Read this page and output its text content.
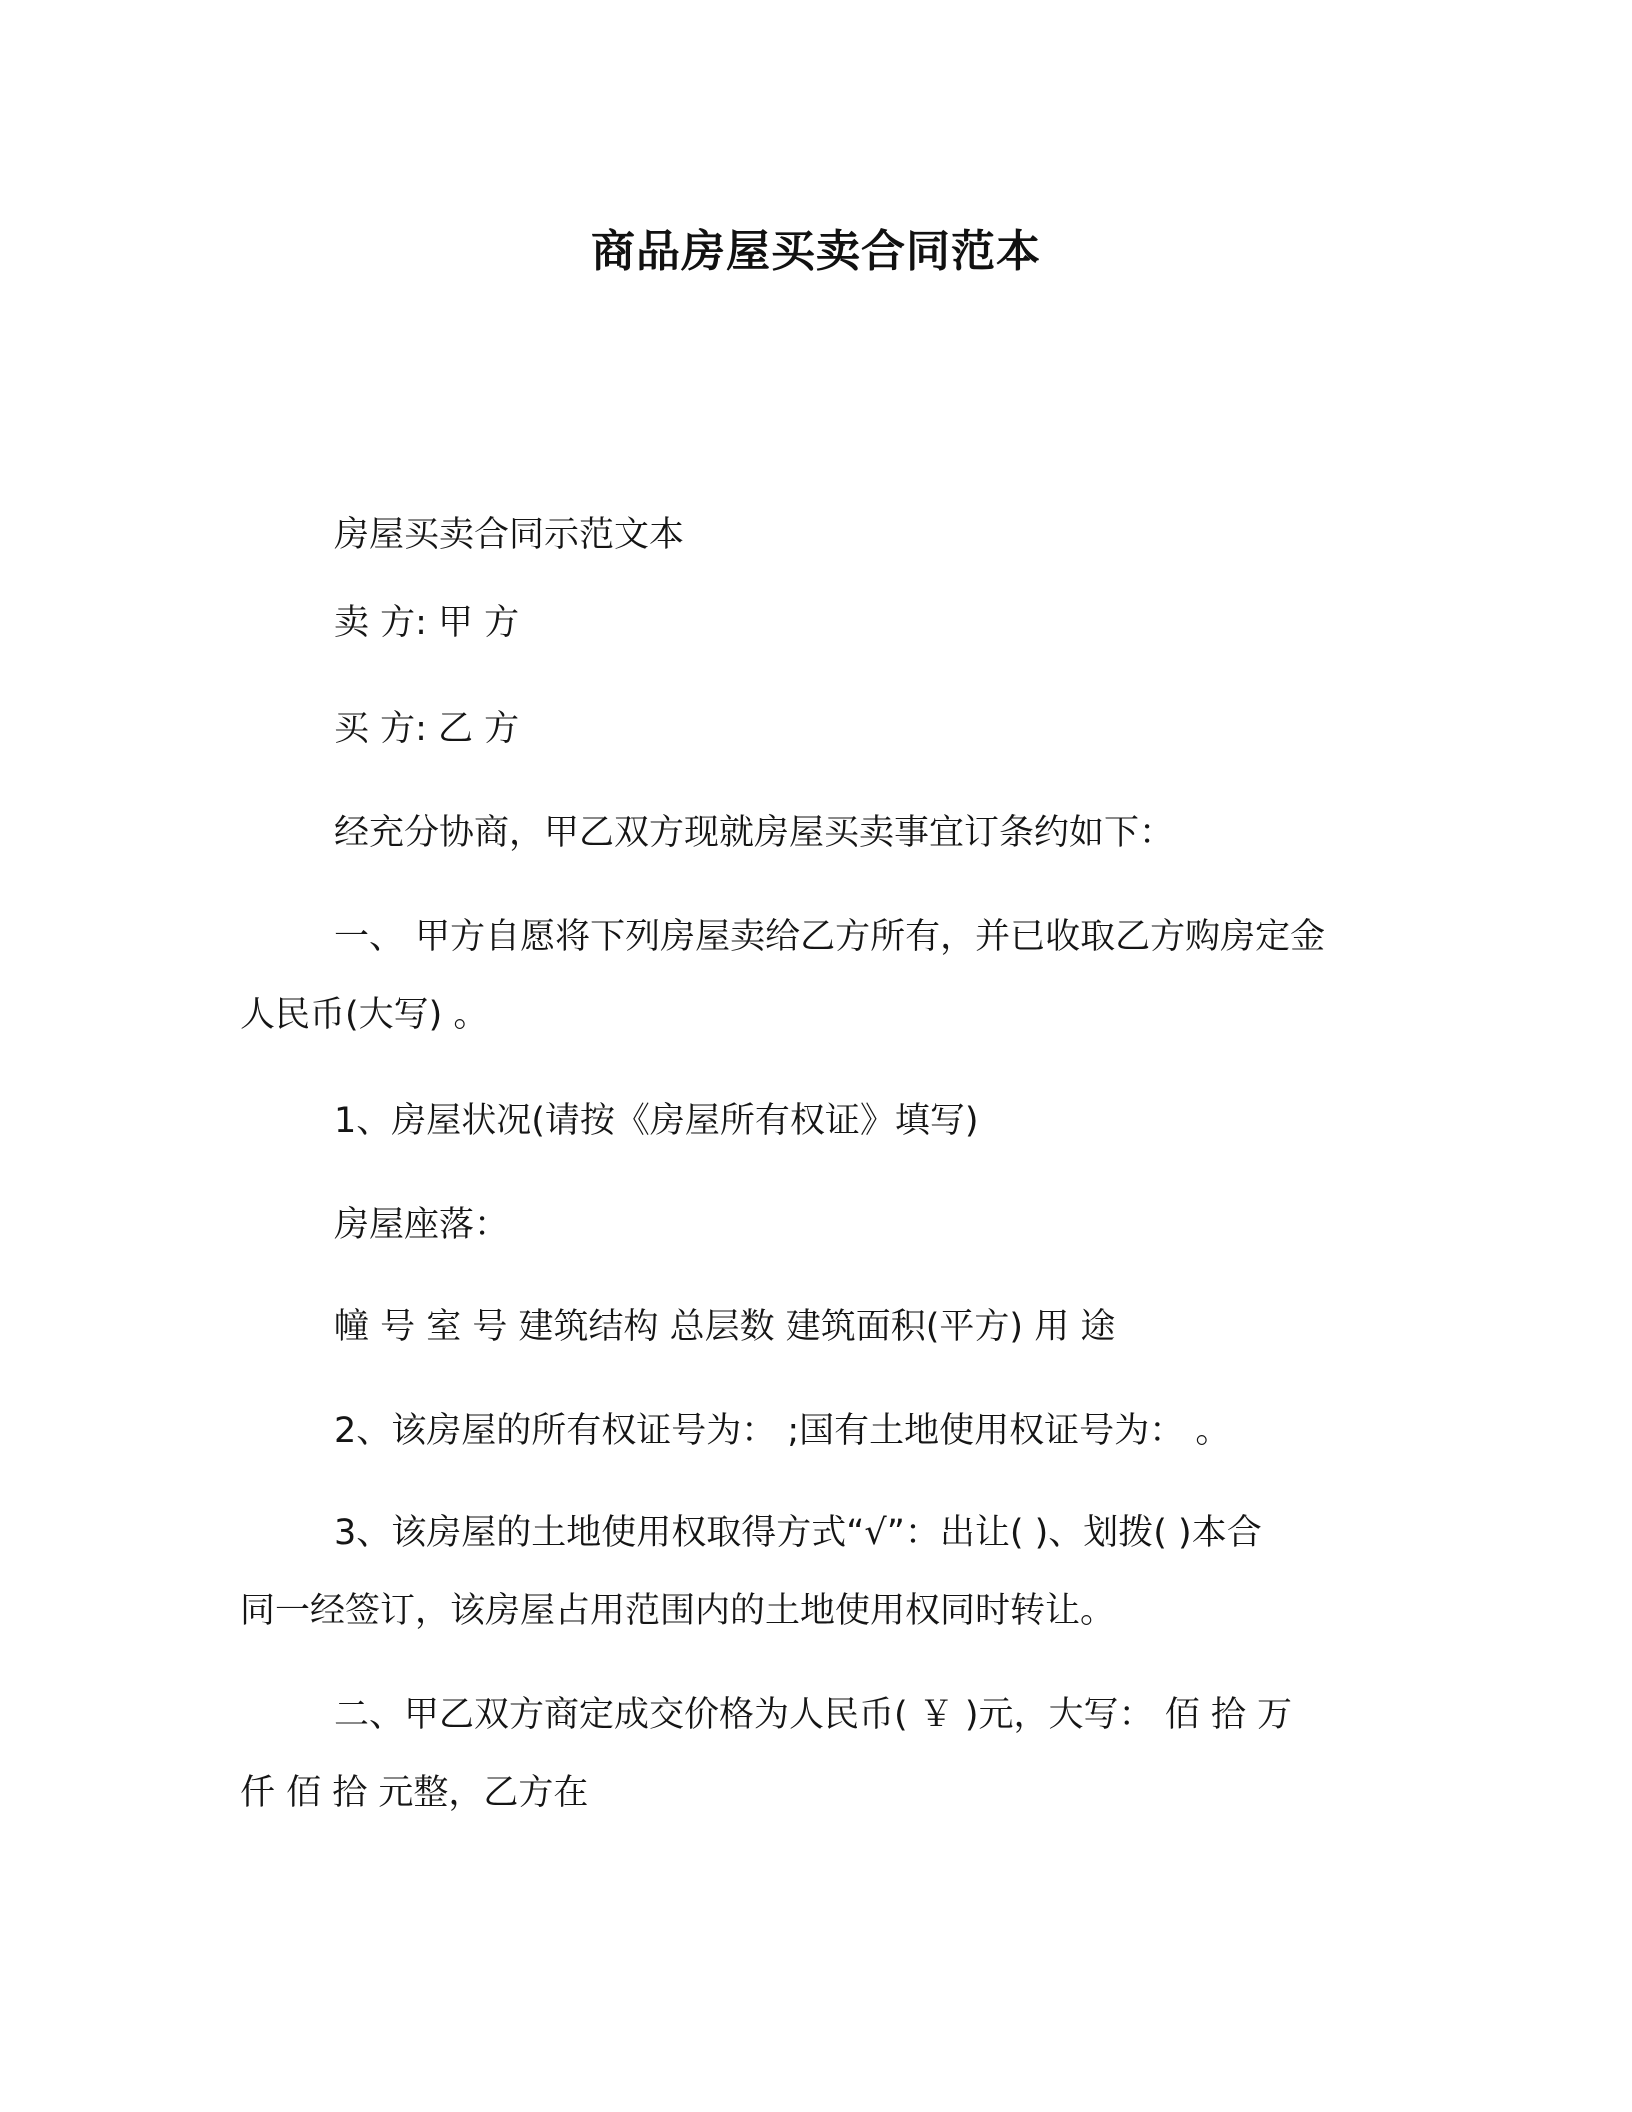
商品房屋买卖合同范本
房屋买卖合同示范文本
卖 方: 甲 方
买 方: 乙 方
经充分协商，甲乙双方现就房屋买卖事宜订条约如下：
一、 甲方自愿将下列房屋卖给乙方所有，并已收取乙方购房定金
人民币(大写) 。
1、房屋状况(请按《房屋所有权证》填写)
房屋座落：
幢 号 室 号 建筑结构 总层数 建筑面积(平方) 用 途
2、该房屋的所有权证号为： ;国有土地使用权证号为： 。
3、该房屋的土地使用权取得方式“√”：出让( )、划拨( )本合
同一经签订，该房屋占用范围内的土地使用权同时转让。
二、甲乙双方商定成交价格为人民币( ￥ )元，大写： 佰 拾 万
仟 佰 拾 元整，乙方在
